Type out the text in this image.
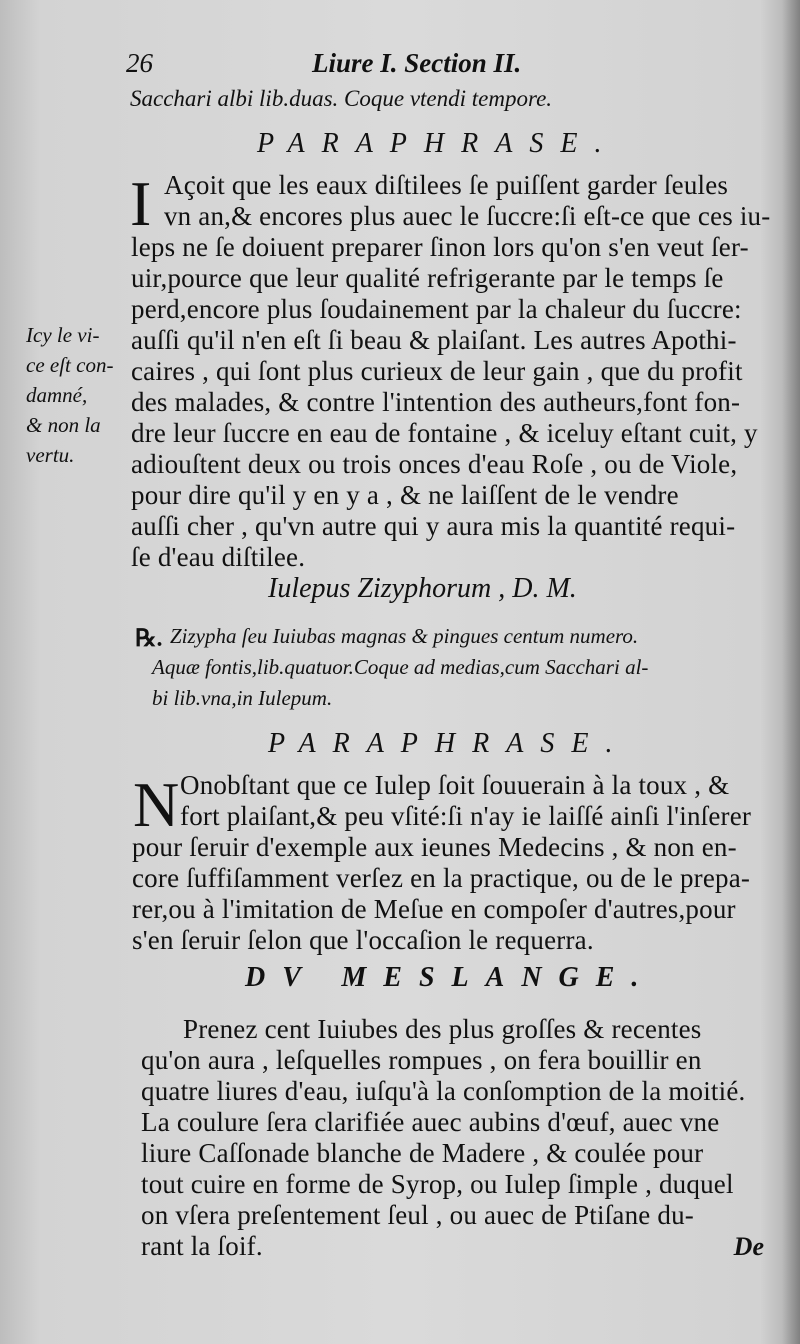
26	Liure I. Section II.
Sacchari albi lib.duas. Coque vtendi tempore.
PARAPHRASE.
I Açoit que les eaux diſtilees ſe puiſſent garder ſeules
vn an,& encores plus auec le ſuccre:ſi eſt-ce que ces iu-
leps ne ſe doiuent preparer ſinon lors qu'on s'en veut ſer-
uir,pource que leur qualité refrigerante par le temps ſe
perd,encore plus ſoudainement par la chaleur du ſuccre:
auſſi qu'il n'en eſt ſi beau & plaiſant. Les autres Apothi-
caires , qui ſont plus curieux de leur gain , que du profit
des malades, & contre l'intention des autheurs,font fon-
dre leur ſuccre en eau de fontaine , & iceluy eſtant cuit, y
adiouſtent deux ou trois onces d'eau Roſe , ou de Viole,
pour dire qu'il y en y a , & ne laiſſent de le vendre
auſſi cher , qu'vn autre qui y aura mis la quantité requi-
ſe d'eau diſtilee.
Icy le vi-
ce eſt con-
damné,
& non la
vertu.
Iulepus Zizyphorum , D. M.
℞. Zizypha ſeu Iuiubas magnas & pingues centum numero.
Aquæ fontis,lib.quatuor.Coque ad medias,cum Sacchari al-
bi lib.vna,in Iulepum.
PARAPHRASE.
N Onobſtant que ce Iulep ſoit ſouuerain à la toux , &
fort plaiſant,& peu vſité:ſi n'ay ie laiſſé ainſi l'inſerer
pour ſeruir d'exemple aux ieunes Medecins , & non en-
core ſuffiſamment verſez en la practique, ou de le prepa-
rer,ou à l'imitation de Meſue en compoſer d'autres,pour
s'en ſeruir ſelon que l'occaſion le requerra.
DV MESLANGE.
Prenez cent Iuiubes des plus groſſes & recentes
qu'on aura , leſquelles rompues , on fera bouillir en
quatre liures d'eau, iuſqu'à la conſomption de la moitié.
La coulure ſera clarifiée auec aubins d'œuf, auec vne
liure Caſſonade blanche de Madere , & coulée pour
tout cuire en forme de Syrop, ou Iulep ſimple , duquel
on vſera preſentement ſeul , ou auec de Ptiſane du-
rant la ſoif.	De
